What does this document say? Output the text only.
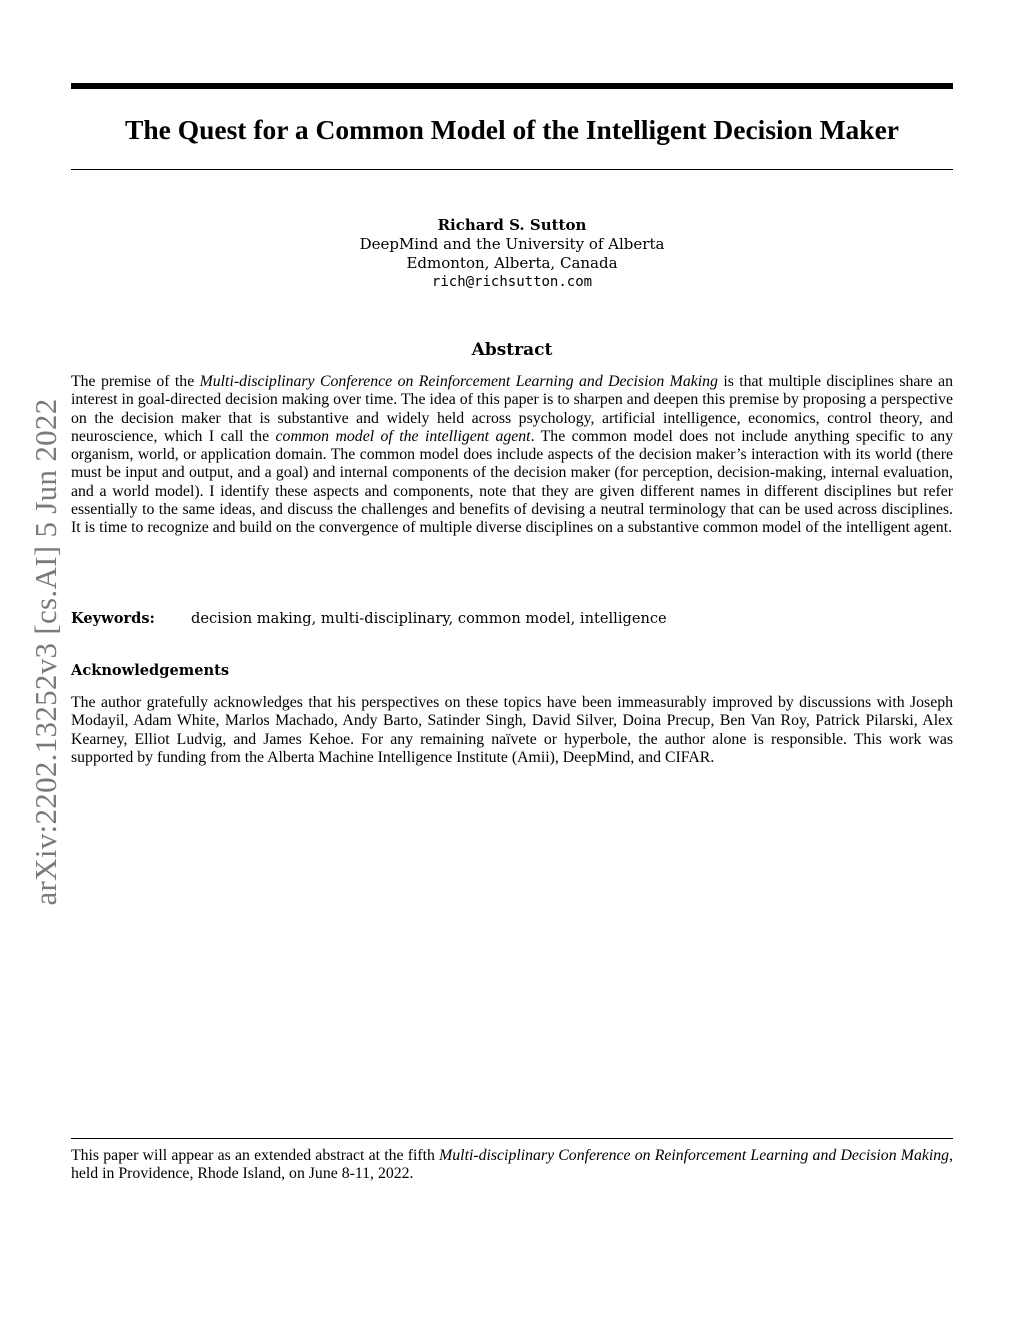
The Quest for a Common Model of the Intelligent Decision Maker
Richard S. Sutton
DeepMind and the University of Alberta
Edmonton, Alberta, Canada
rich@richsutton.com
Abstract
The premise of the Multi-disciplinary Conference on Reinforcement Learning and Decision Making is that multiple disciplines share an interest in goal-directed decision making over time. The idea of this paper is to sharpen and deepen this premise by proposing a perspective on the decision maker that is substantive and widely held across psychology, artificial intelligence, economics, control theory, and neuroscience, which I call the common model of the intelligent agent. The common model does not include anything specific to any organism, world, or application domain. The common model does include aspects of the decision maker’s interaction with its world (there must be input and output, and a goal) and internal components of the decision maker (for perception, decision-making, internal evaluation, and a world model). I identify these aspects and components, note that they are given different names in different disciplines but refer essentially to the same ideas, and discuss the challenges and benefits of devising a neutral terminology that can be used across disciplines. It is time to recognize and build on the convergence of multiple diverse disciplines on a substantive common model of the intelligent agent.
Keywords: decision making, multi-disciplinary, common model, intelligence
Acknowledgements
The author gratefully acknowledges that his perspectives on these topics have been immeasurably improved by discussions with Joseph Modayil, Adam White, Marlos Machado, Andy Barto, Satinder Singh, David Silver, Doina Precup, Ben Van Roy, Patrick Pilarski, Alex Kearney, Elliot Ludvig, and James Kehoe. For any remaining naïvete or hyperbole, the author alone is responsible. This work was supported by funding from the Alberta Machine Intelligence Institute (Amii), DeepMind, and CIFAR.
This paper will appear as an extended abstract at the fifth Multi-disciplinary Conference on Reinforcement Learning and Decision Making, held in Providence, Rhode Island, on June 8-11, 2022.
arXiv:2202.13252v3 [cs.AI] 5 Jun 2022
